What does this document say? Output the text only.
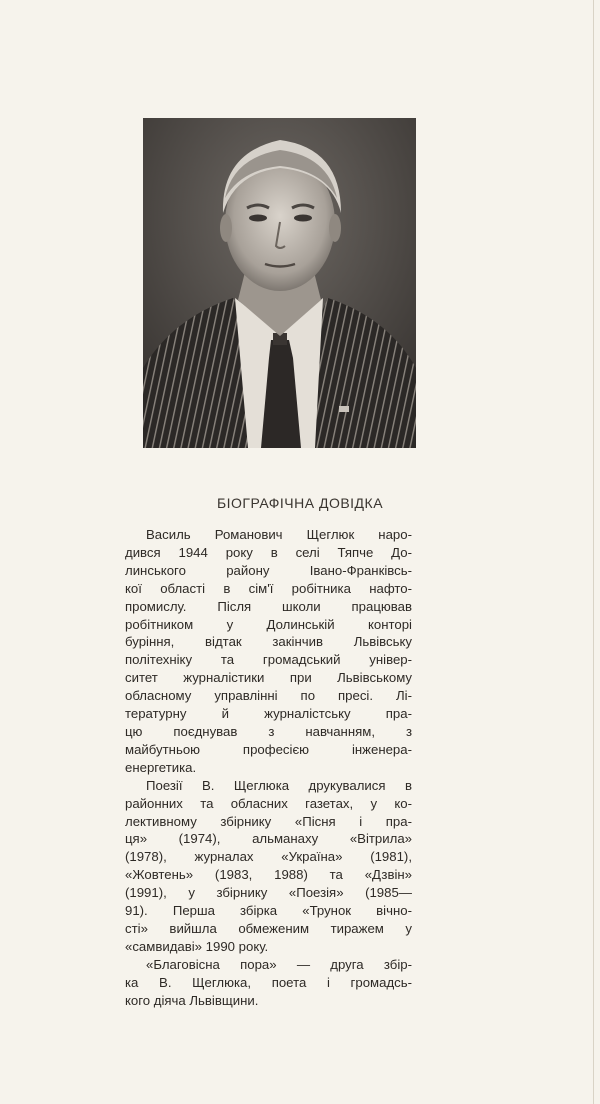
БІОГРАФІЧНА ДОВІДКА

Василь Романович Щеглюк наро-
дився 1944 року в селі Тяпче До-
линського району Івано-Франківсь-
кої області в сім'ї робітника нафто-
промислу. Після школи працював
робітником у Долинській конторі
буріння, відтак закінчив Львівську
політехніку та громадський універ-
ситет журналістики при Львівському
обласному управлінні по пресі. Лі-
тературну й журналістську пра-
цю поєднував з навчанням, з
майбутньою професією інженера-
енергетика.

Поезії В. Щеглюка друкувалися в
районних та обласних газетах, у ко-
лективному збірнику «Пісня і пра-
ця» (1974), альманаху «Вітрила»
(1978), журналах «Україна» (1981),
«Жовтень» (1983, 1988) та «Дзвін»
(1991), у збірнику «Поезія» (1985—
91). Перша збірка «Трунок вічно-
сті» вийшла обмеженим тиражем у
«самвидаві» 1990 року.

«Благовісна пора» — друга збір-
ка В. Щеглюка, поета і громадсь-
кого діяча Львівщини.
